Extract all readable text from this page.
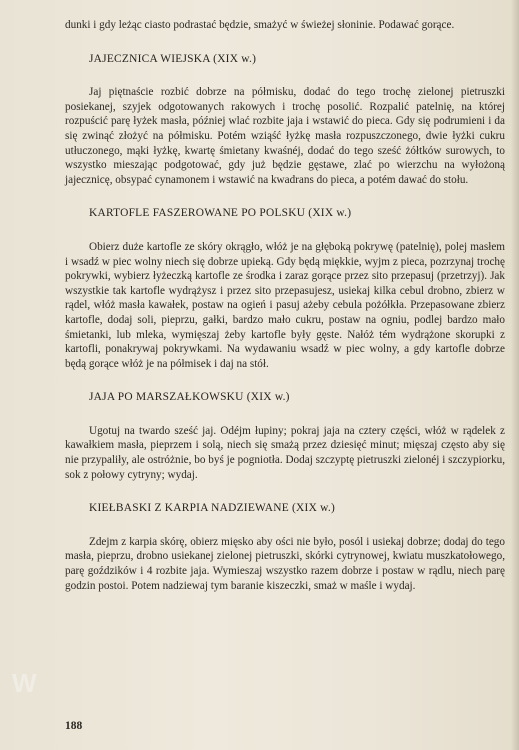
W

dunki i gdy leżąc ciasto podrastać będzie, smażyć w świeżej słoninie. Podawać gorące.

JAJECZNICA WIEJSKA (XIX w.)

Jaj piętnaście rozbić dobrze na półmisku, dodać do tego trochę zielonej pietruszki posiekanej, szyjek odgotowanych rakowych i trochę posolić. Rozpalić patelnię, na której rozpuścić parę łyżek masła, później wlać rozbite jaja i wstawić do pieca. Gdy się podrumieni i da się zwinąć złożyć na półmisku. Potém wziąść łyżkę masła rozpuszczonego, dwie łyżki cukru utłuczonego, mąki łyżkę, kwartę śmietany kwaśnéj, dodać do tego sześć żółtków surowych, to wszystko mieszając podgotować, gdy już będzie gęstawe, zlać po wierzchu na wyłożoną jajecznicę, obsypać cynamonem i wstawić na kwadrans do pieca, a potém dawać do stołu.

KARTOFLE FASZEROWANE PO POLSKU (XIX w.)

Obierz duże kartofle ze skóry okrągło, włóż je na głęboką pokrywę (patelnię), polej masłem i wsadź w piec wolny niech się dobrze upieką. Gdy będą miękkie, wyjm z pieca, pozrzynaj trochę pokrywki, wybierz łyżeczką kartofle ze środka i zaraz gorące przez sito przepasuj (przetrzyj). Jak wszystkie tak kartofle wydrążysz i przez sito przepasujesz, usiekaj kilka cebul drobno, zbierz w rądel, włóż masła kawałek, postaw na ogień i pasuj ażeby cebula pożółkła. Przepasowane zbierz kartofle, dodaj soli, pieprzu, gałki, bardzo mało cukru, postaw na ogniu, podlej bardzo mało śmietanki, lub mleka, wymięszaj żeby kartofle były gęste. Nałóż tém wydrążone skorupki z kartofli, ponakrywaj pokrywkami. Na wydawaniu wsadź w piec wolny, a gdy kartofle dobrze będą gorące włóż je na półmisek i daj na stół.

JAJA PO MARSZAŁKOWSKU (XIX w.)

Ugotuj na twardo sześć jaj. Odéjm łupiny; pokraj jaja na cztery części, włóż w rądelek z kawałkiem masła, pieprzem i solą, niech się smażą przez dziesięć minut; mięszaj często aby się nie przypaliły, ale ostróżnie, bo byś je pogniotła. Dodaj szczyptę pietruszki zielonéj i szczypiorku, sok z połowy cytryny; wydaj.

KIEŁBASKI Z KARPIA NADZIEWANE (XIX w.)

Zdejm z karpia skórę, obierz mięsko aby ości nie było, posól i usiekaj dobrze; dodaj do tego masła, pieprzu, drobno usiekanej zielonej pietruszki, skórki cytrynowej, kwiatu muszkatołowego, parę goździków i 4 rozbite jaja. Wymieszaj wszystko razem dobrze i postaw w rądlu, niech parę godzin postoi. Potem nadziewaj tym baranie kiszeczki, smaż w maśle i wydaj.

188
